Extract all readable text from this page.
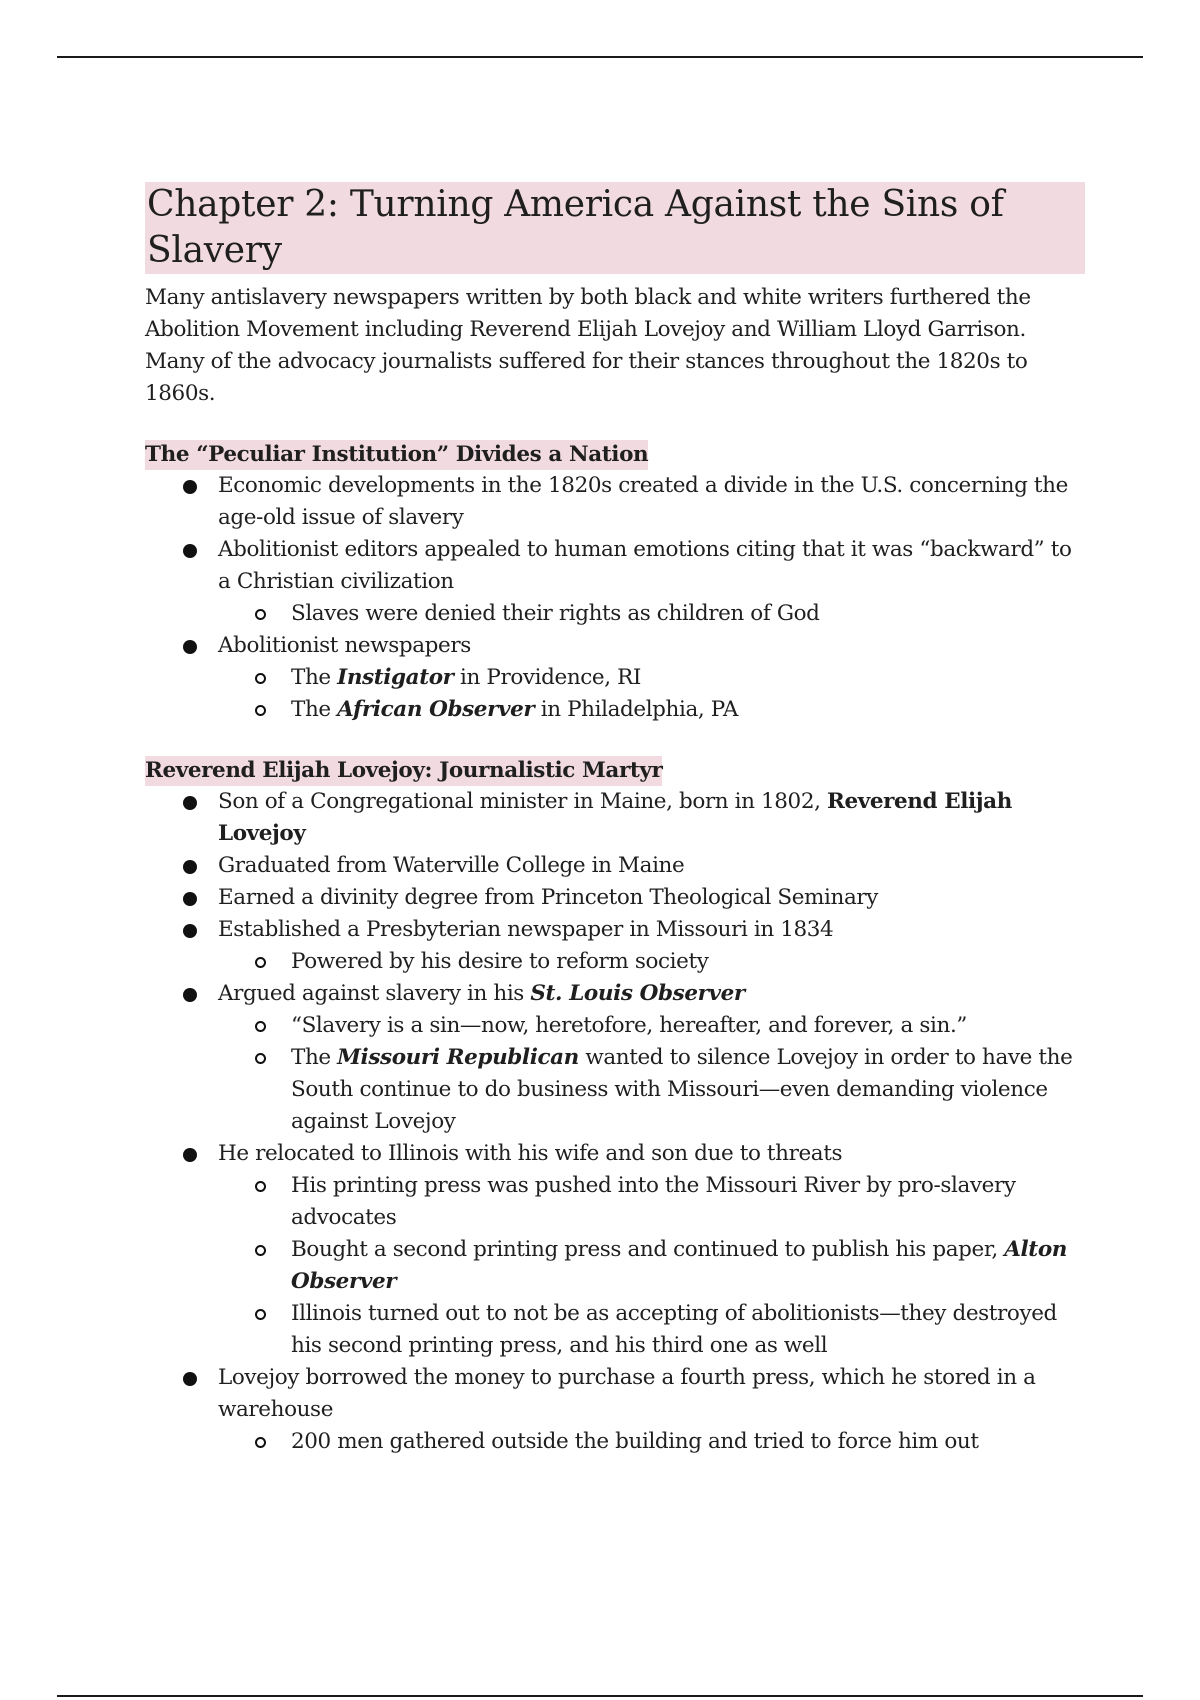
Chapter 2: Turning America Against the Sins of Slavery

Many antislavery newspapers written by both black and white writers furthered the Abolition Movement including Reverend Elijah Lovejoy and William Lloyd Garrison. Many of the advocacy journalists suffered for their stances throughout the 1820s to 1860s.

The “Peculiar Institution” Divides a Nation
Economic developments in the 1820s created a divide in the U.S. concerning the age-old issue of slavery
Abolitionist editors appealed to human emotions citing that it was “backward” to a Christian civilization
Slaves were denied their rights as children of God
Abolitionist newspapers
The Instigator in Providence, RI
The African Observer in Philadelphia, PA
Reverend Elijah Lovejoy: Journalistic Martyr
Son of a Congregational minister in Maine, born in 1802, Reverend Elijah Lovejoy
Graduated from Waterville College in Maine
Earned a divinity degree from Princeton Theological Seminary
Established a Presbyterian newspaper in Missouri in 1834
Powered by his desire to reform society
Argued against slavery in his St. Louis Observer
“Slavery is a sin—now, heretofore, hereafter, and forever, a sin.”
The Missouri Republican wanted to silence Lovejoy in order to have the South continue to do business with Missouri—even demanding violence against Lovejoy
He relocated to Illinois with his wife and son due to threats
His printing press was pushed into the Missouri River by pro-slavery advocates
Bought a second printing press and continued to publish his paper, Alton Observer
Illinois turned out to not be as accepting of abolitionists—they destroyed his second printing press, and his third one as well
Lovejoy borrowed the money to purchase a fourth press, which he stored in a warehouse
200 men gathered outside the building and tried to force him out
